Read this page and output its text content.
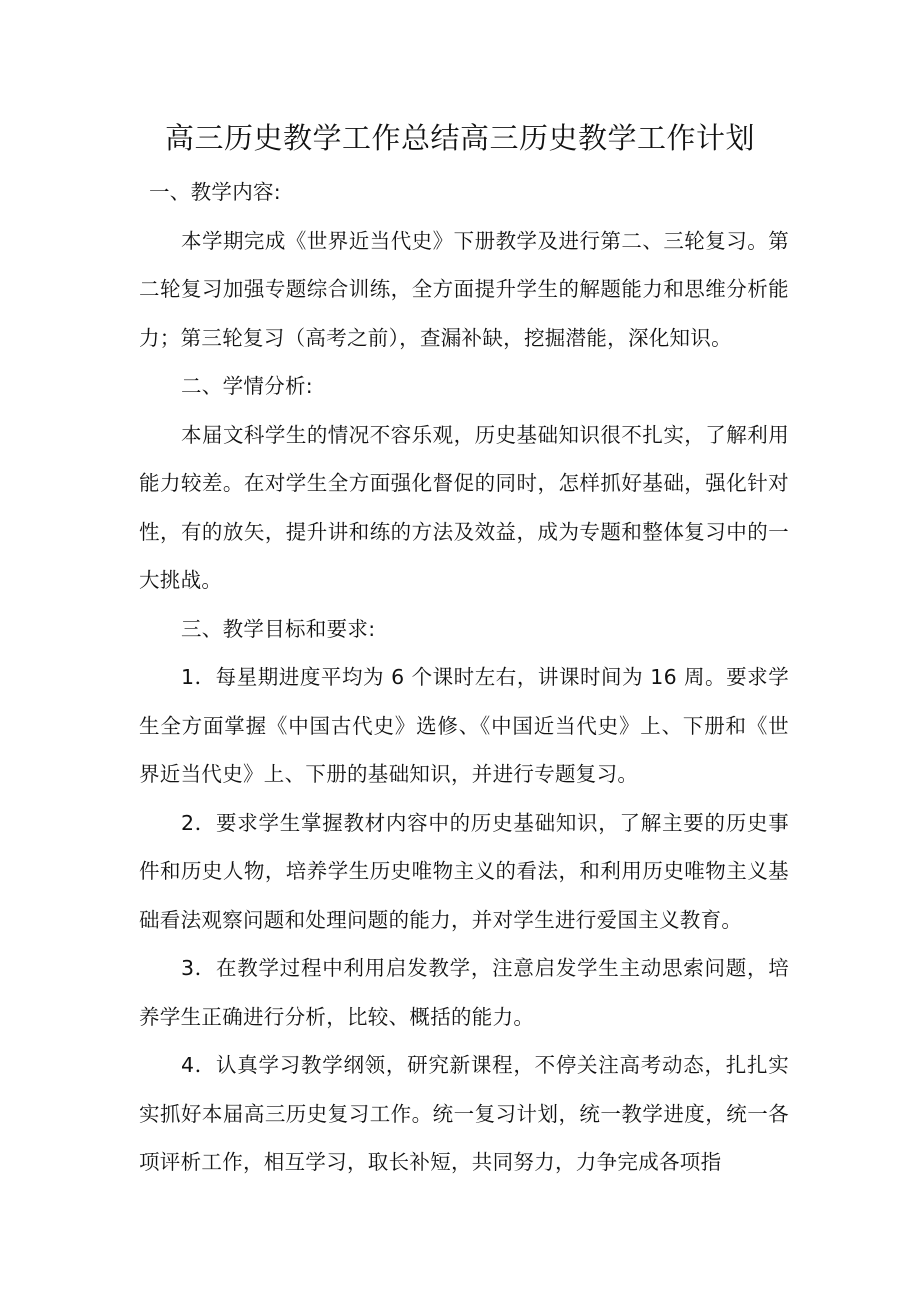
高三历史教学工作总结高三历史教学工作计划

一、教学内容:

本学期完成《世界近当代史》下册教学及进行第二、三轮复习。第二轮复习加强专题综合训练，全方面提升学生的解题能力和思维分析能力；第三轮复习（高考之前），查漏补缺，挖掘潜能，深化知识。

二、学情分析:

本届文科学生的情况不容乐观，历史基础知识很不扎实，了解利用能力较差。在对学生全方面强化督促的同时，怎样抓好基础，强化针对性，有的放矢，提升讲和练的方法及效益，成为专题和整体复习中的一大挑战。

三、教学目标和要求:

1．每星期进度平均为 6 个课时左右，讲课时间为 16 周。要求学生全方面掌握《中国古代史》选修、《中国近当代史》上、下册和《世界近当代史》上、下册的基础知识，并进行专题复习。

2．要求学生掌握教材内容中的历史基础知识，了解主要的历史事件和历史人物，培养学生历史唯物主义的看法，和利用历史唯物主义基础看法观察问题和处理问题的能力，并对学生进行爱国主义教育。

3．在教学过程中利用启发教学，注意启发学生主动思索问题，培养学生正确进行分析，比较、概括的能力。

4．认真学习教学纲领，研究新课程，不停关注高考动态，扎扎实实抓好本届高三历史复习工作。统一复习计划，统一教学进度，统一各项评析工作，相互学习，取长补短，共同努力，力争完成各项指
